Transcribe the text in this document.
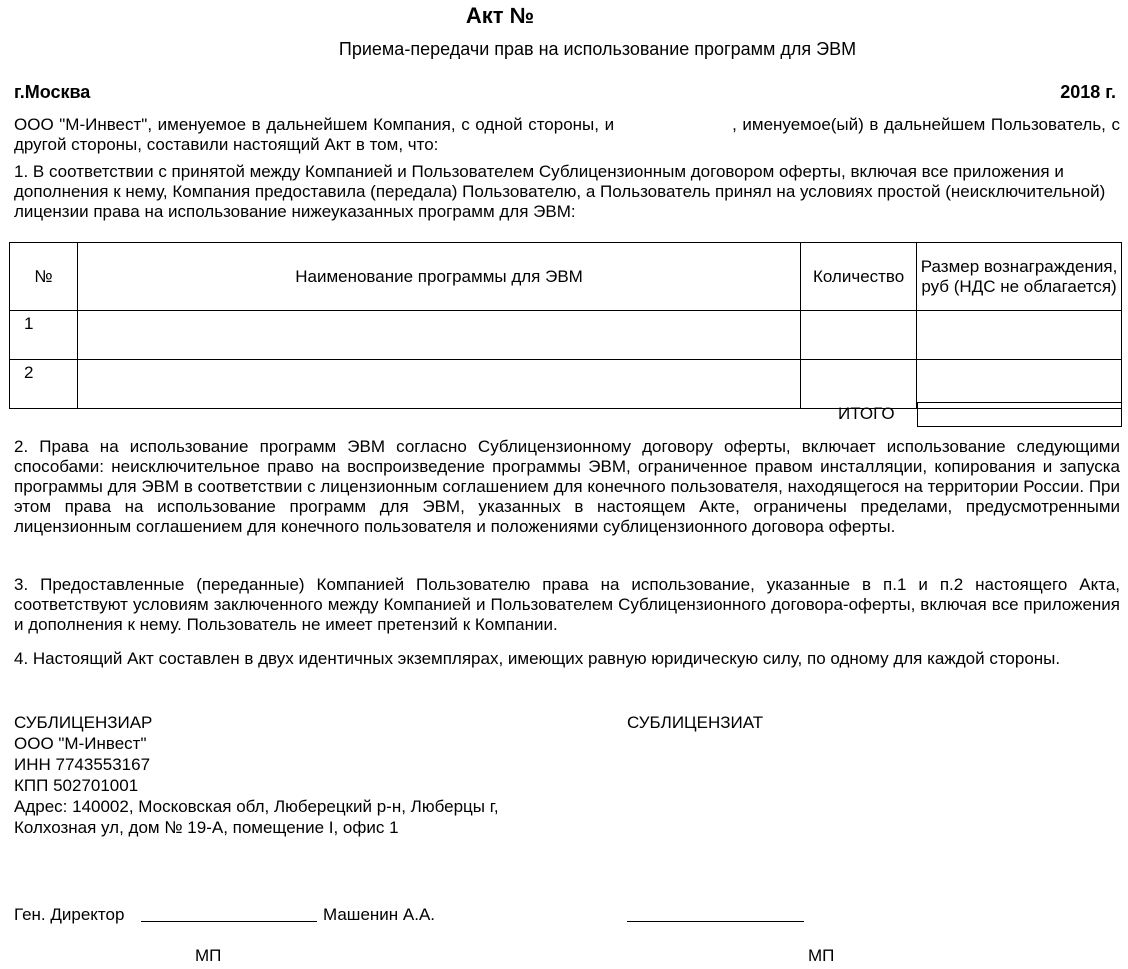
Акт №
Приема-передачи прав на использование программ для ЭВМ
г.Москва	2018 г.
ООО "М-Инвест", именуемое в дальнейшем Компания, с одной стороны, и	, именуемое(ый) в дальнейшем Пользователь, с другой стороны, составили настоящий Акт в том, что:
1. В соответствии с принятой между Компанией и Пользователем Сублицензионным договором оферты, включая все приложения и дополнения к нему, Компания предоставила (передала) Пользователю, а Пользователь принял на условиях простой (неисключительной) лицензии права на использование нижеуказанных программ для ЭВМ:
№	Наименование программы для ЭВМ	Количество	Размер вознаграждения, руб (НДС не облагается)
1			
2			
ИТОГО
2. Права на использование программ ЭВМ согласно Сублицензионному договору оферты, включает использование следующими способами: неисключительное право на воспроизведение программы ЭВМ, ограниченное правом инсталляции, копирования и запуска программы для ЭВМ в соответствии с лицензионным соглашением для конечного пользователя, находящегося на территории России. При этом права на использование программ для ЭВМ, указанных в настоящем Акте, ограничены пределами, предусмотренными лицензионным соглашением для конечного пользователя и положениями сублицензионного договора оферты.
3. Предоставленные (переданные) Компанией Пользователю права на использование, указанные в п.1 и п.2 настоящего Акта, соответствуют условиям заключенного между Компанией и Пользователем Сублицензионного договора-оферты, включая все приложения и дополнения к нему. Пользователь не имеет претензий к Компании.
4. Настоящий Акт составлен в двух идентичных экземплярах, имеющих равную юридическую силу, по одному для каждой стороны.
СУБЛИЦЕНЗИАР
ООО "М-Инвест"
ИНН 7743553167
КПП 502701001
Адрес: 140002, Московская обл, Люберецкий р-н, Люберцы г,
Колхозная ул, дом № 19-А, помещение I, офис 1
СУБЛИЦЕНЗИАТ
Ген. Директор	Машенин А.А.
МП	МП
